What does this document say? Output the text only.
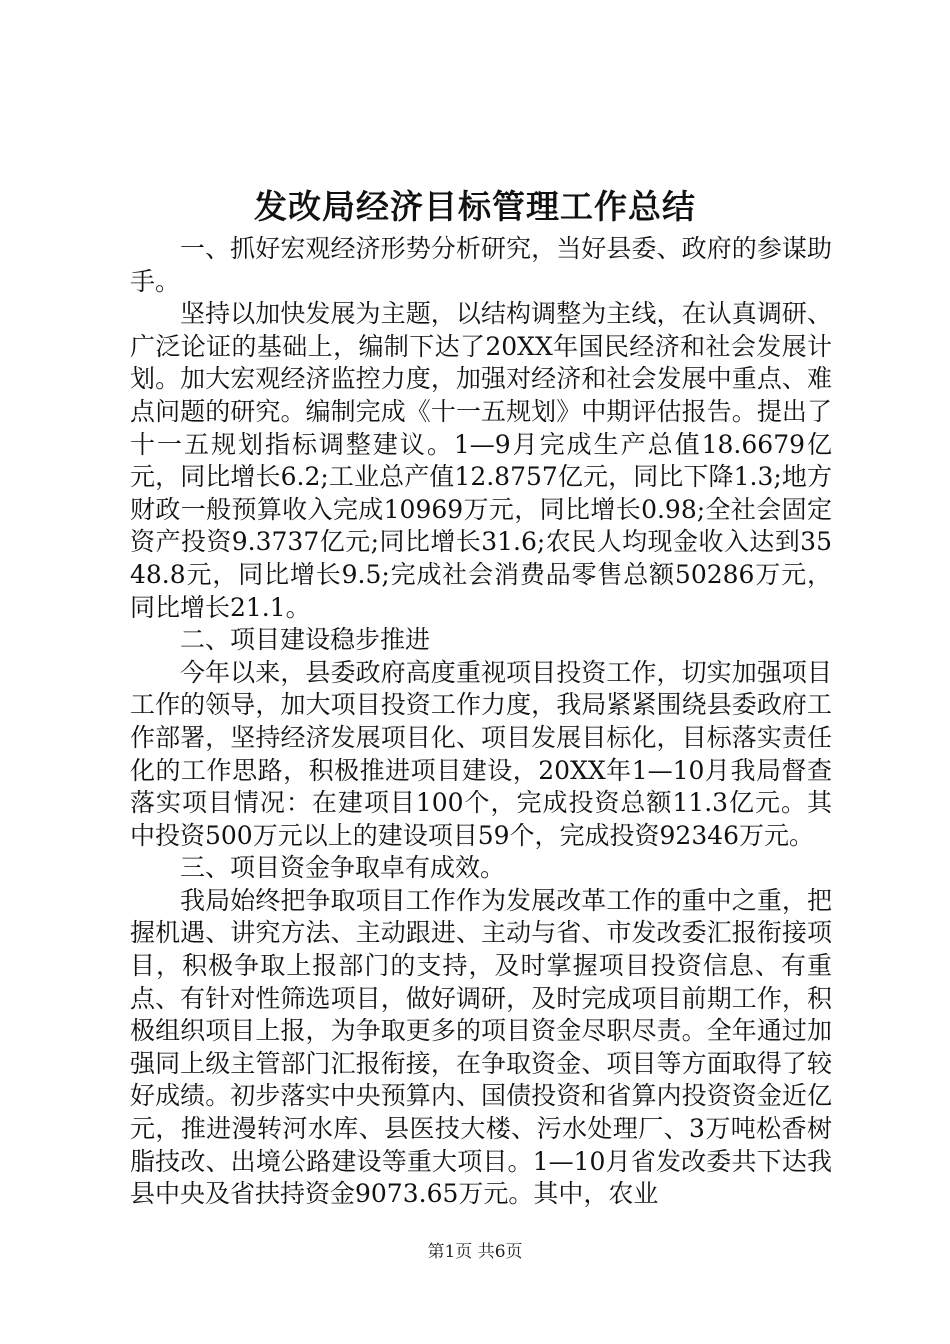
发改局经济目标管理工作总结

一、抓好宏观经济形势分析研究，当好县委、政府的参谋助手。

坚持以加快发展为主题，以结构调整为主线，在认真调研、广泛论证的基础上，编制下达了20XX年国民经济和社会发展计划。加大宏观经济监控力度，加强对经济和社会发展中重点、难点问题的研究。编制完成《十一五规划》中期评估报告。提出了十一五规划指标调整建议。1—9月完成生产总值18.6679亿元，同比增长6.2;工业总产值12.8757亿元，同比下降1.3;地方财政一般预算收入完成10969万元，同比增长0.98;全社会固定资产投资9.3737亿元;同比增长31.6;农民人均现金收入达到3548.8元，同比增长9.5;完成社会消费品零售总额50286万元，同比增长21.1。

二、项目建设稳步推进

今年以来，县委政府高度重视项目投资工作，切实加强项目工作的领导，加大项目投资工作力度，我局紧紧围绕县委政府工作部署，坚持经济发展项目化、项目发展目标化，目标落实责任化的工作思路，积极推进项目建设，20XX年1—10月我局督查落实项目情况：在建项目100个，完成投资总额11.3亿元。其中投资500万元以上的建设项目59个，完成投资92346万元。

三、项目资金争取卓有成效。

我局始终把争取项目工作作为发展改革工作的重中之重，把握机遇、讲究方法、主动跟进、主动与省、市发改委汇报衔接项目，积极争取上报部门的支持，及时掌握项目投资信息、有重点、有针对性筛选项目，做好调研，及时完成项目前期工作，积极组织项目上报，为争取更多的项目资金尽职尽责。全年通过加强同上级主管部门汇报衔接，在争取资金、项目等方面取得了较好成绩。初步落实中央预算内、国债投资和省算内投资资金近亿元，推进漫转河水库、县医技大楼、污水处理厂、3万吨松香树脂技改、出境公路建设等重大项目。1—10月省发改委共下达我县中央及省扶持资金9073.65万元。其中，农业

第1页 共6页
